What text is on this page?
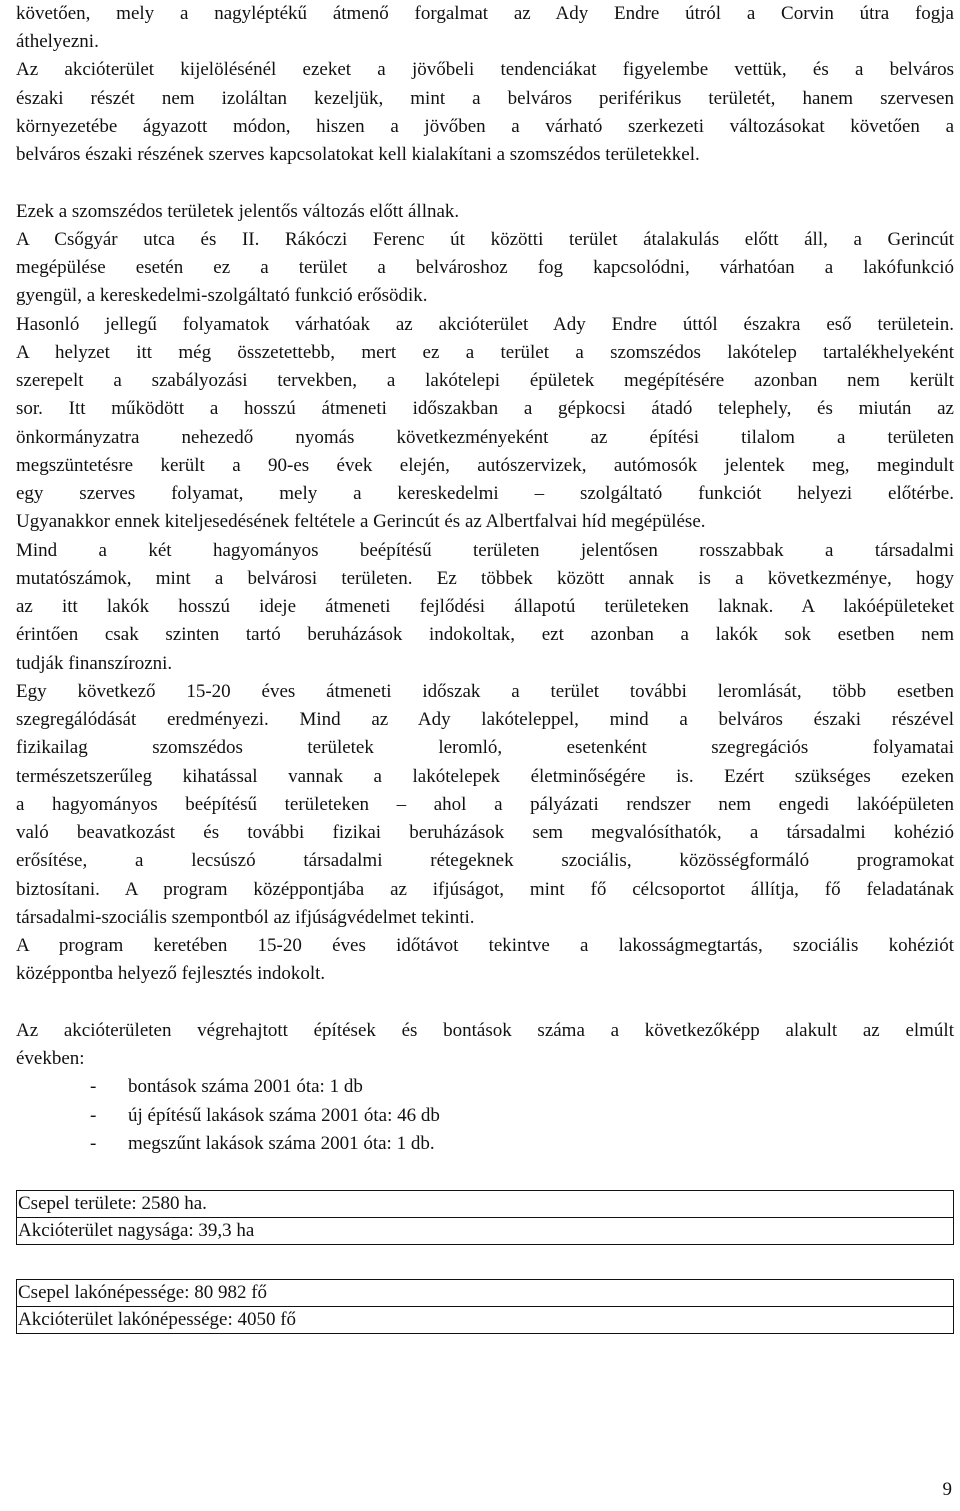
követően, mely a nagyléptékű átmenő forgalmat az Ady Endre útról a Corvin útra fogja
áthelyezni.
Az akcióterület kijelölésénél ezeket a jövőbeli tendenciákat figyelembe vettük, és a belváros
északi részét nem izoláltan kezeljük, mint a belváros periférikus területét, hanem szervesen
környezetébe ágyazott módon, hiszen a jövőben a várható szerkezeti változásokat követően a
belváros északi részének szerves kapcsolatokat kell kialakítani a szomszédos területekkel.
Ezek a szomszédos területek jelentős változás előtt állnak.
A Csőgyár utca és II. Rákóczi Ferenc út közötti terület átalakulás előtt áll, a Gerincút
megépülése esetén ez a terület a belvároshoz fog kapcsolódni, várhatóan a lakófunkció
gyengül, a kereskedelmi-szolgáltató funkció erősödik.
Hasonló jellegű folyamatok várhatóak az akcióterület Ady Endre úttól északra eső területein.
A helyzet itt még összetettebb, mert ez a terület a szomszédos lakótelep tartalékhelyeként
szerepelt a szabályozási tervekben, a lakótelepi épületek megépítésére azonban nem került
sor. Itt működött a hosszú átmeneti időszakban a gépkocsi átadó telephely, és miután az
önkormányzatra nehezedő nyomás következményeként az építési tilalom a területen
megszüntetésre került a 90-es évek elején, autószervizek, autómosók jelentek meg, megindult
egy szerves folyamat, mely a kereskedelmi – szolgáltató funkciót helyezi előtérbe.
Ugyanakkor ennek kiteljesedésének feltétele a Gerincút és az Albertfalvai híd megépülése.
Mind a két hagyományos beépítésű területen jelentősen rosszabbak a társadalmi
mutatószámok, mint a belvárosi területen. Ez többek között annak is a következménye, hogy
az itt lakók hosszú ideje átmeneti fejlődési állapotú területeken laknak. A lakóépületeket
érintően csak szinten tartó beruházások indokoltak, ezt azonban a lakók sok esetben nem
tudják finanszírozni.
Egy következő 15-20 éves átmeneti időszak a terület további leromlását, több esetben
szegregálódását eredményezi. Mind az Ady lakóteleppel, mind a belváros északi részével
fizikailag szomszédos területek leromló, esetenként szegregációs folyamatai
természetszerűleg kihatással vannak a lakótelepek életminőségére is. Ezért szükséges ezeken
a hagyományos beépítésű területeken – ahol a pályázati rendszer nem engedi lakóépületen
való beavatkozást és további fizikai beruházások sem megvalósíthatók, a társadalmi kohézió
erősítése, a lecsúszó társadalmi rétegeknek szociális, közösségformáló programokat
biztosítani. A program középpontjába az ifjúságot, mint fő célcsoportot állítja, fő feladatának
társadalmi-szociális szempontból az ifjúságvédelmet tekinti.
A program keretében 15-20 éves időtávot tekintve a lakosságmegtartás, szociális kohéziót
középpontba helyező fejlesztés indokolt.
Az akcióterületen végrehajtott építések és bontások száma a következőképp alakult az elmúlt
években:
- bontások száma 2001 óta: 1 db
- új építésű lakások száma 2001 óta: 46 db
- megszűnt lakások száma 2001 óta: 1 db.
Csepel területe: 2580 ha.
Akcióterület nagysága: 39,3 ha
Csepel lakónépessége: 80 982 fő
Akcióterület lakónépessége: 4050 fő
9
